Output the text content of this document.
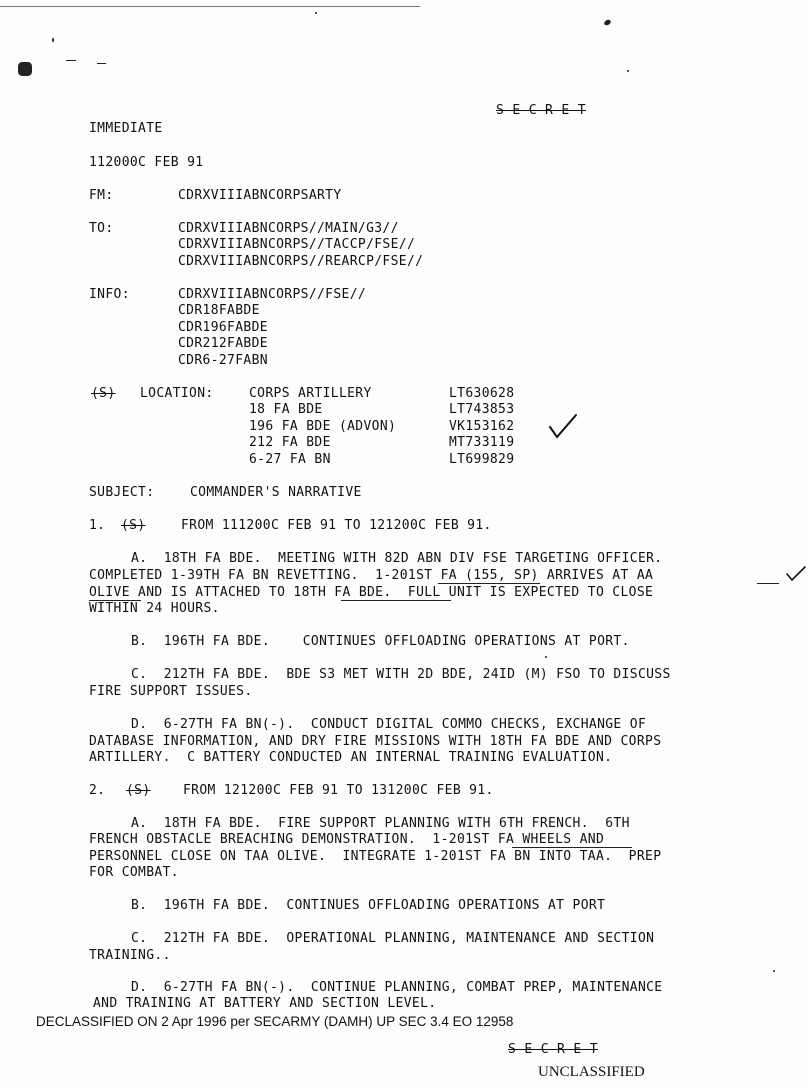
S E C R E T
IMMEDIATE
112000C FEB 91
FM:	CDRXVIIIABNCORPSARTY
TO:	CDRXVIIIABNCORPS//MAIN/G3//
CDRXVIIIABNCORPS//TACCP/FSE//
CDRXVIIIABNCORPS//REARCP/FSE//
INFO:	CDRXVIIIABNCORPS//FSE//
CDR18FABDE
CDR196FABDE
CDR212FABDE
CDR6-27FABN
(S) LOCATION:	CORPS ARTILLERY	LT630628
18 FA BDE	LT743853
196 FA BDE (ADVON)	VK153162
212 FA BDE	MT733119
6-27 FA BN	LT699829
SUBJECT:	COMMANDER'S NARRATIVE
1. (S)	FROM 111200C FEB 91 TO 121200C FEB 91.
A.  18TH FA BDE.  MEETING WITH 82D ABN DIV FSE TARGETING OFFICER.
COMPLETED 1-39TH FA BN REVETTING.  1-201ST FA (155, SP) ARRIVES AT AA
OLIVE AND IS ATTACHED TO 18TH FA BDE.  FULL UNIT IS EXPECTED TO CLOSE
WITHIN 24 HOURS.
B.  196TH FA BDE.    CONTINUES OFFLOADING OPERATIONS AT PORT.
C.  212TH FA BDE.  BDE S3 MET WITH 2D BDE, 24ID (M) FSO TO DISCUSS
FIRE SUPPORT ISSUES.
D.  6-27TH FA BN(-).  CONDUCT DIGITAL COMMO CHECKS, EXCHANGE OF
DATABASE INFORMATION, AND DRY FIRE MISSIONS WITH 18TH FA BDE AND CORPS
ARTILLERY.  C BATTERY CONDUCTED AN INTERNAL TRAINING EVALUATION.
2. (S) FROM 121200C FEB 91 TO 131200C FEB 91.
A.  18TH FA BDE.  FIRE SUPPORT PLANNING WITH 6TH FRENCH.  6TH
FRENCH OBSTACLE BREACHING DEMONSTRATION.  1-201ST FA WHEELS AND
PERSONNEL CLOSE ON TAA OLIVE.  INTEGRATE 1-201ST FA BN INTO TAA.  PREP
FOR COMBAT.
B.  196TH FA BDE.  CONTINUES OFFLOADING OPERATIONS AT PORT
C.  212TH FA BDE.  OPERATIONAL PLANNING, MAINTENANCE AND SECTION
TRAINING..
D.  6-27TH FA BN(-).  CONTINUE PLANNING, COMBAT PREP, MAINTENANCE
AND TRAINING AT BATTERY AND SECTION LEVEL.
DECLASSIFIED ON 2 Apr 1996 per SECARMY (DAMH) UP SEC 3.4 EO 12958
S E C R E T
UNCLASSIFIED
